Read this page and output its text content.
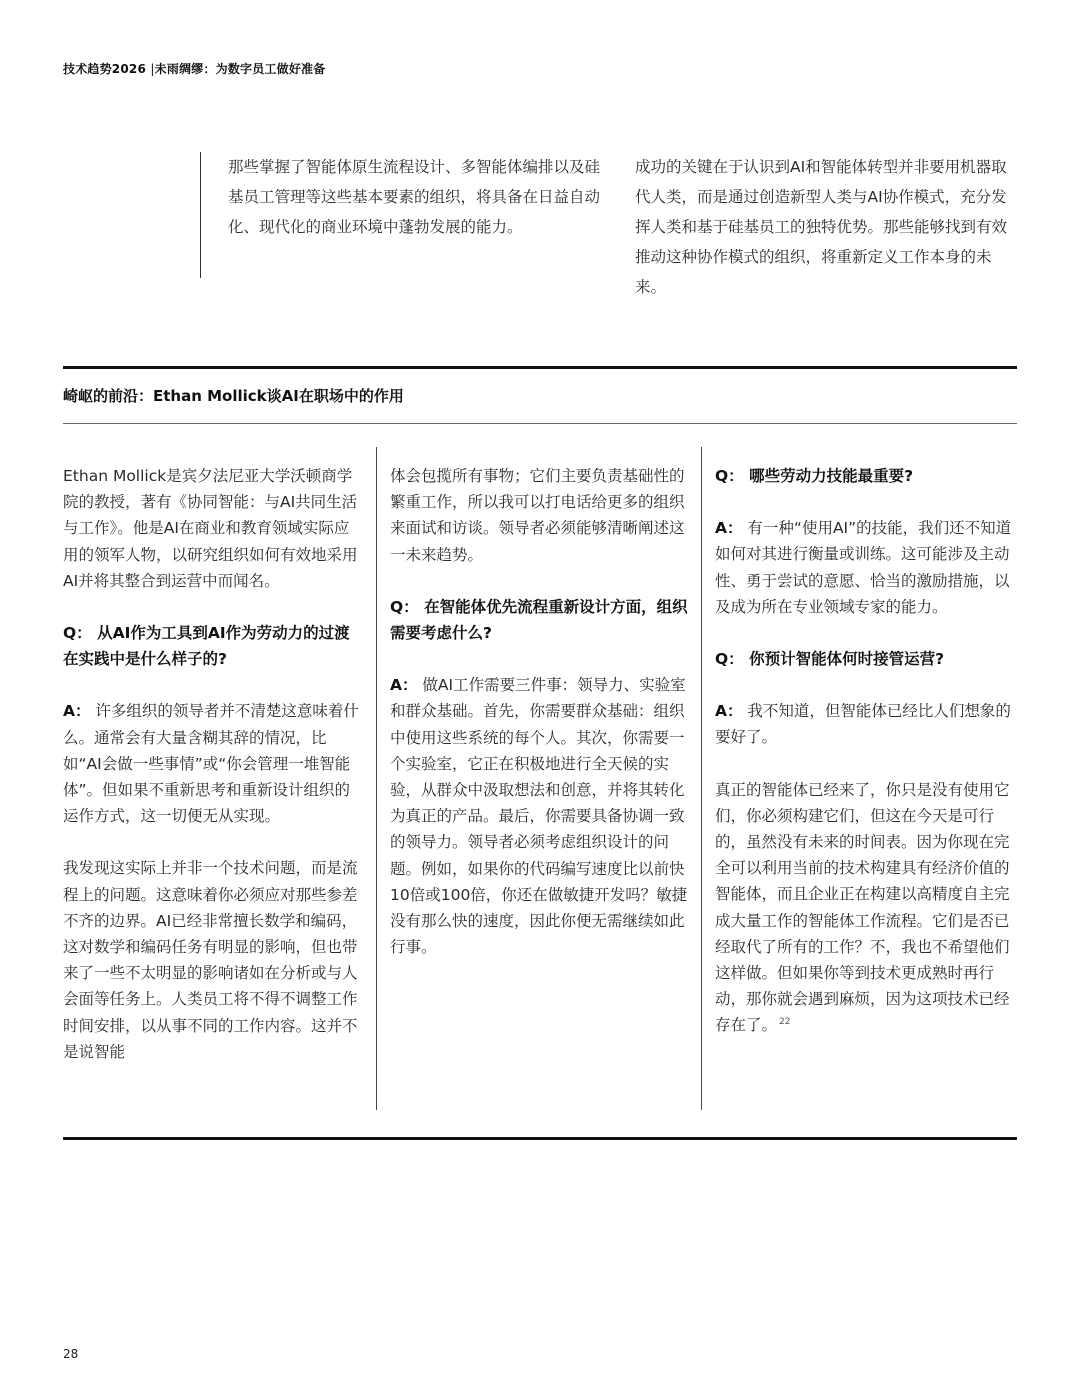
技术趋势2026 |未雨绸缪：为数字员工做好准备

那些掌握了智能体原生流程设计、多智能体编排以及硅基员工管理等这些基本要素的组织，将具备在日益自动化、现代化的商业环境中蓬勃发展的能力。

成功的关键在于认识到AI和智能体转型并非要用机器取代人类，而是通过创造新型人类与AI协作模式，充分发挥人类和基于硅基员工的独特优势。那些能够找到有效推动这种协作模式的组织，将重新定义工作本身的未来。

崎岖的前沿：Ethan Mollick谈AI在职场中的作用

Ethan Mollick是宾夕法尼亚大学沃顿商学院的教授，著有《协同智能：与AI共同生活与工作》。他是AI在商业和教育领域实际应用的领军人物，以研究组织如何有效地采用AI并将其整合到运营中而闻名。

Q： 从AI作为工具到AI作为劳动力的过渡在实践中是什么样子的?

A： 许多组织的领导者并不清楚这意味着什么。通常会有大量含糊其辞的情况，比如“AI会做一些事情”或“你会管理一堆智能体”。但如果不重新思考和重新设计组织的运作方式，这一切便无从实现。

我发现这实际上并非一个技术问题，而是流程上的问题。这意味着你必须应对那些参差不齐的边界。AI已经非常擅长数学和编码，这对数学和编码任务有明显的影响，但也带来了一些不太明显的影响诸如在分析或与人会面等任务上。人类员工将不得不调整工作时间安排，以从事不同的工作内容。这并不是说智能

体会包揽所有事物；它们主要负责基础性的繁重工作，所以我可以打电话给更多的组织来面试和访谈。领导者必须能够清晰阐述这一未来趋势。

Q： 在智能体优先流程重新设计方面，组织需要考虑什么?

A： 做AI工作需要三件事：领导力、实验室和群众基础。首先，你需要群众基础：组织中使用这些系统的每个人。其次，你需要一个实验室，它正在积极地进行全天候的实验，从群众中汲取想法和创意，并将其转化为真正的产品。最后，你需要具备协调一致的领导力。领导者必须考虑组织设计的问题。例如，如果你的代码编写速度比以前快 10倍或100倍，你还在做敏捷开发吗？敏捷没有那么快的速度，因此你便无需继续如此行事。

Q： 哪些劳动力技能最重要?

A： 有一种“使用AI”的技能，我们还不知道如何对其进行衡量或训练。这可能涉及主动性、勇于尝试的意愿、恰当的激励措施，以及成为所在专业领域专家的能力。

Q： 你预计智能体何时接管运营?

A： 我不知道，但智能体已经比人们想象的要好了。

真正的智能体已经来了，你只是没有使用它们，你必须构建它们，但这在今天是可行的，虽然没有未来的时间表。因为你现在完全可以利用当前的技术构建具有经济价值的智能体，而且企业正在构建以高精度自主完成大量工作的智能体工作流程。它们是否已经取代了所有的工作？不，我也不希望他们这样做。但如果你等到技术更成熟时再行动，那你就会遇到麻烦，因为这项技术已经存在了。 $^{22}$

28
